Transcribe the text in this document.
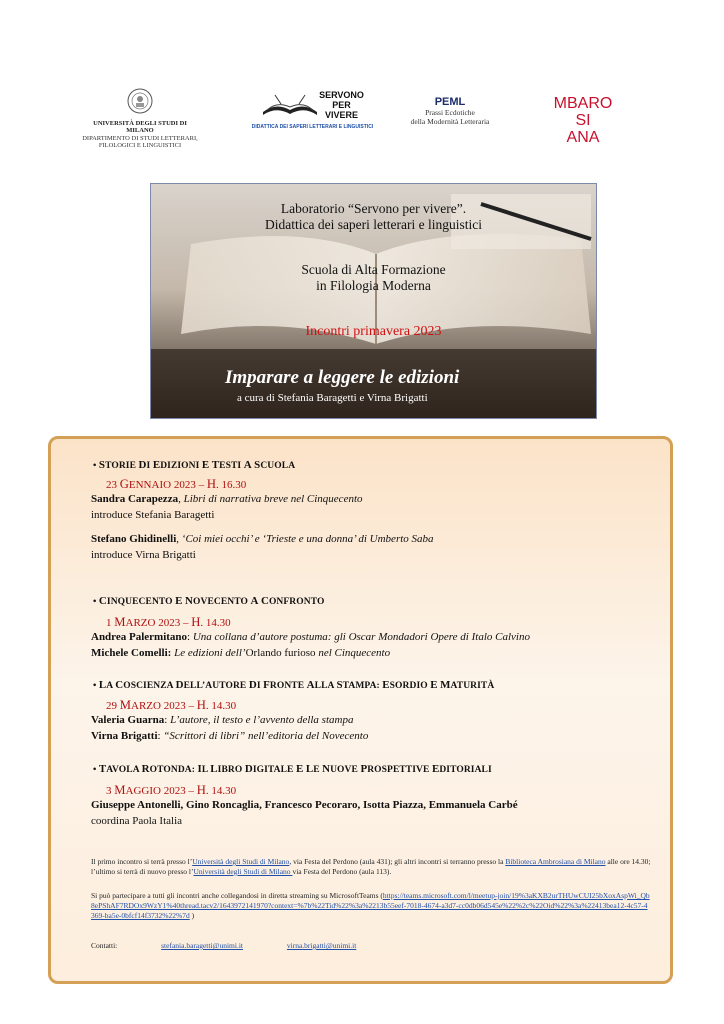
UNIVERSITÀ DEGLI STUDI DI MILANO
DIPARTIMENTO DI STUDI LETTERARI,
FILOLOGICI E LINGUISTICI
SERVONO
PER
VIVERE
DIDATTICA DEI SAPERI LETTERARI E LINGUISTICI
PEML
Prassi Ecdotiche
della Modernità Letteraria
MBARO
SI
ANA
Laboratorio “Servono per vivere”.
Didattica dei saperi letterari e linguistici
Scuola di Alta Formazione
in Filologia Moderna
Incontri primavera 2023
Imparare a leggere le edizioni
a cura di Stefania Baragetti e Virna Brigatti
• STORIE DI EDIZIONI E TESTI A SCUOLA
23 GENNAIO 2023 – H. 16.30
Sandra Carapezza, Libri di narrativa breve nel Cinquecento
introduce Stefania Baragetti
Stefano Ghidinelli, ‘Coi miei occhi’ e ‘Trieste e una donna’ di Umberto Saba
introduce Virna Brigatti
• CINQUECENTO E NOVECENTO A CONFRONTO
1 MARZO 2023 – H. 14.30
Andrea Palermitano: Una collana d’autore postuma: gli Oscar Mondadori Opere di Italo Calvino
Michele Comelli: Le edizioni dell’Orlando furioso nel Cinquecento
• LA COSCIENZA DELL’AUTORE DI FRONTE ALLA STAMPA: ESORDIO E MATURITÀ
29 MARZO 2023 – H. 14.30
Valeria Guarna: L’autore, il testo e l’avvento della stampa
Virna Brigatti: “Scrittori di libri” nell’editoria del Novecento
• TAVOLA ROTONDA: IL LIBRO DIGITALE E LE NUOVE PROSPETTIVE EDITORIALI
3 MAGGIO 2023 – H. 14.30
Giuseppe Antonelli, Gino Roncaglia, Francesco Pecoraro, Isotta Piazza, Emmanuela Carbé
coordina Paola Italia
Il primo incontro si terrà presso l’Università degli Studi di Milano, via Festa del Perdono (aula 431); gli altri incontri si terranno presso la Biblioteca Ambrosiana di Milano alle ore 14.30; l’ultimo si terrà di nuovo presso l’Università degli Studi di Milano via Festa del Perdono (aula 113).
Si può partecipare a tutti gli incontri anche collegandosi in diretta streaming su MicrosoftTeams (https://teams.microsoft.com/l/meetup-join/19%3aKXB2urTHUwCUI25bXoxAspWi_Qb8ePShAF7RDOx9WzY1%40thread.tacv2/1643972141970?context=%7b%22Tid%22%3a%2213b55eef-7018-4674-a3d7-cc0db06d545e%22%2c%22Oid%22%3a%22413bea12-4c57-4369-ba5e-0bfcf14f3732%22%7d )
Contatti:	stefania.baragetti@unimi.it	virna.brigatti@unimi.it
